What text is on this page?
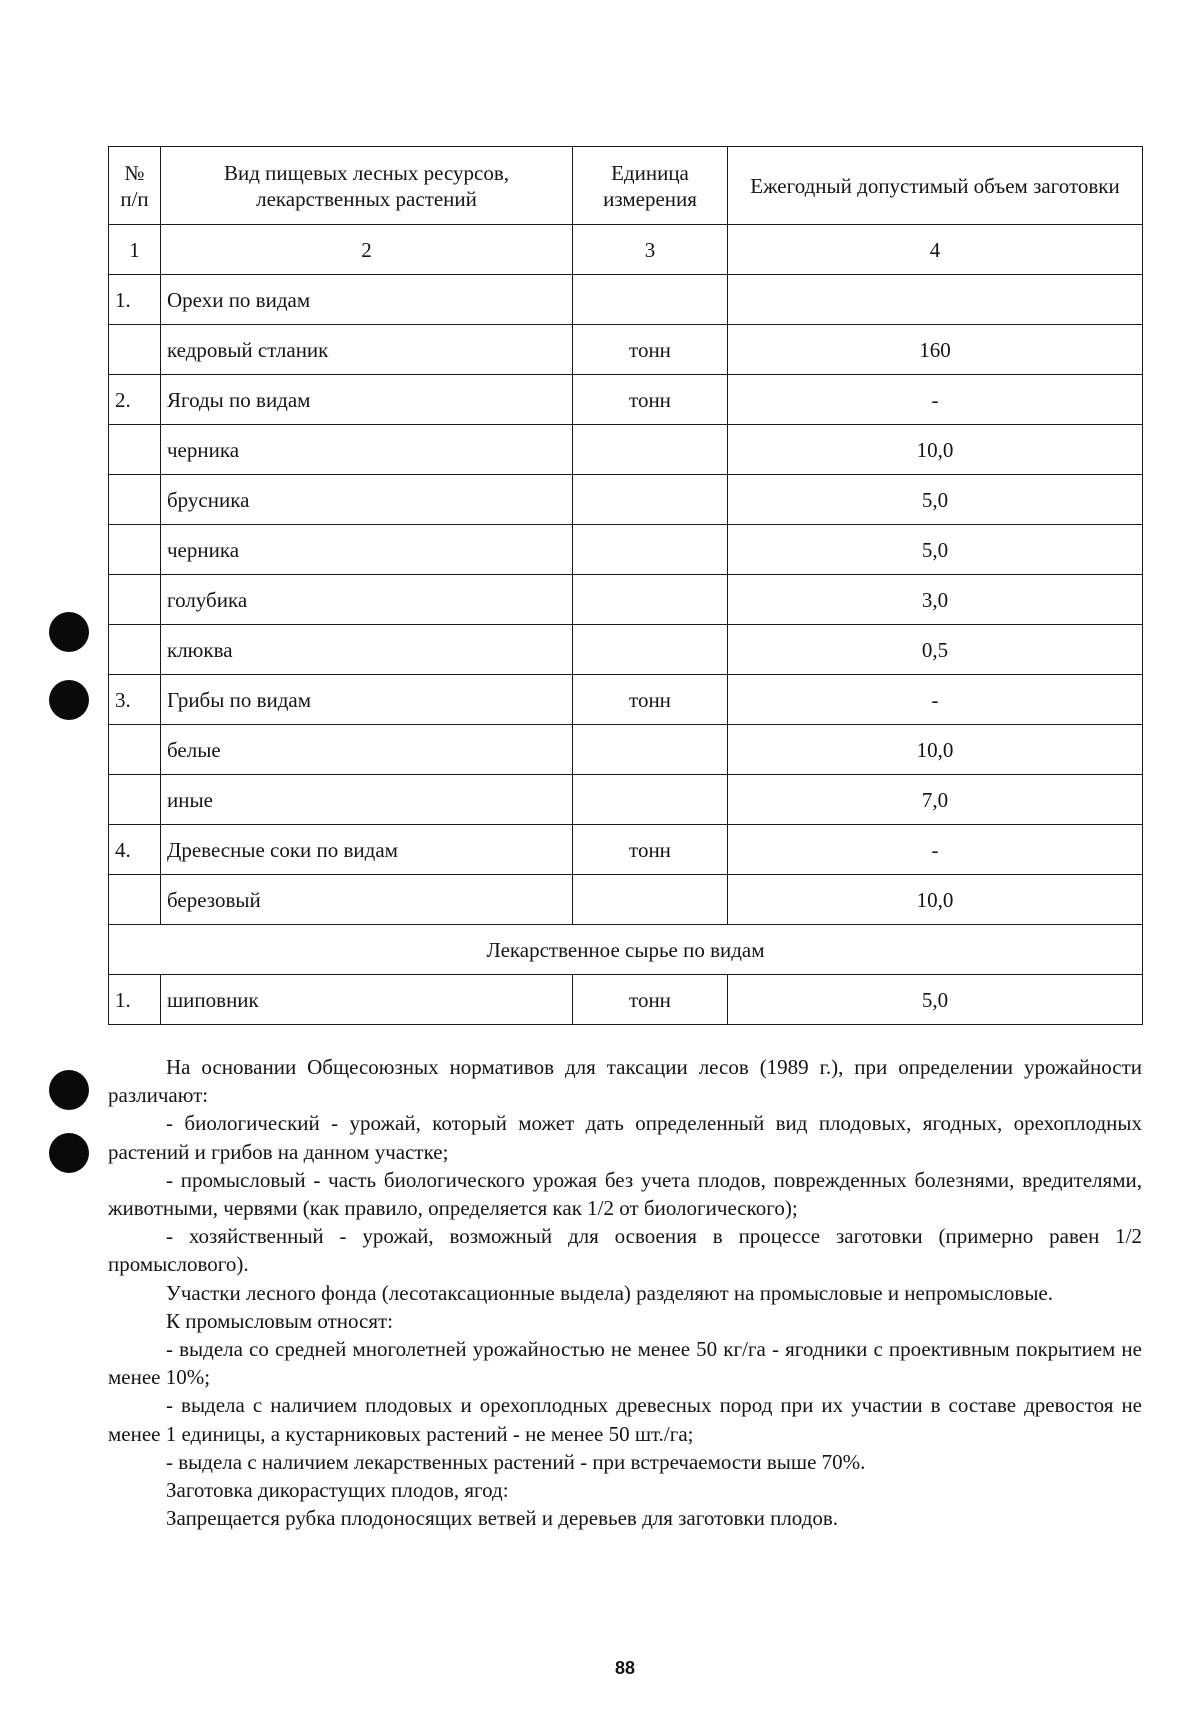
№ п/п	Вид пищевых лесных ресурсов, лекарственных растений	Единица измерения	Ежегодный допустимый объем заготовки
1	2	3	4
1.	Орехи по видам		
	кедровый стланик	тонн	160
2.	Ягоды по видам	тонн	-
	черника		10,0
	брусника		5,0
	черника		5,0
	голубика		3,0
	клюква		0,5
3.	Грибы по видам	тонн	-
	белые		10,0
	иные		7,0
4.	Древесные соки по видам	тонн	-
	березовый		10,0
Лекарственное сырье по видам			
1.	шиповник	тонн	5,0

На основании Общесоюзных нормативов для таксации лесов (1989 г.), при определении урожайности различают:

- биологический - урожай, который может дать определенный вид плодовых, ягодных, орехоплодных растений и грибов на данном участке;

- промысловый - часть биологического урожая без учета плодов, поврежденных болезнями, вредителями, животными, червями (как правило, определяется как 1/2 от биологического);

- хозяйственный - урожай, возможный для освоения в процессе заготовки (примерно равен 1/2 промыслового).

Участки лесного фонда (лесотаксационные выдела) разделяют на промысловые и непромысловые.

К промысловым относят:

- выдела со средней многолетней урожайностью не менее 50 кг/га - ягодники с проективным покрытием не менее 10%;

- выдела с наличием плодовых и орехоплодных древесных пород при их участии в составе древостоя не менее 1 единицы, а кустарниковых растений - не менее 50 шт./га;

- выдела с наличием лекарственных растений - при встречаемости выше 70%.

Заготовка дикорастущих плодов, ягод:

Запрещается рубка плодоносящих ветвей и деревьев для заготовки плодов.

88
